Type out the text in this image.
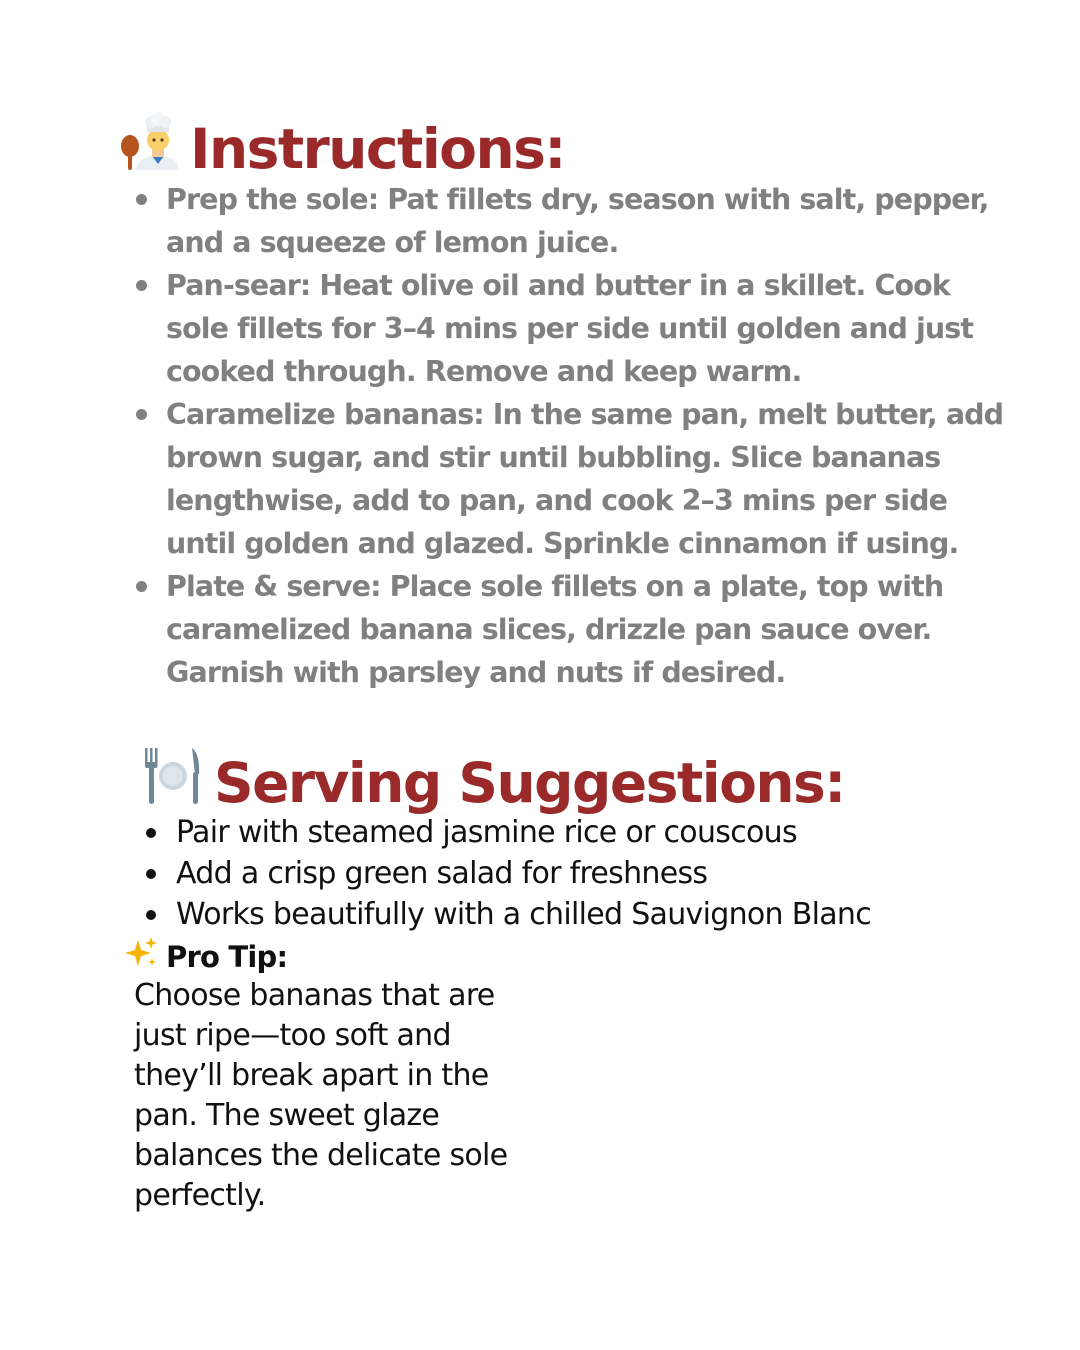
Instructions:
Prep the sole: Pat fillets dry, season with salt, pepper, and a squeeze of lemon juice.
Pan-sear: Heat olive oil and butter in a skillet. Cook sole fillets for 3–4 mins per side until golden and just cooked through. Remove and keep warm.
Caramelize bananas: In the same pan, melt butter, add brown sugar, and stir until bubbling. Slice bananas lengthwise, add to pan, and cook 2–3 mins per side until golden and glazed. Sprinkle cinnamon if using.
Plate & serve: Place sole fillets on a plate, top with caramelized banana slices, drizzle pan sauce over. Garnish with parsley and nuts if desired.
Serving Suggestions:
Pair with steamed jasmine rice or couscous
Add a crisp green salad for freshness
Works beautifully with a chilled Sauvignon Blanc
Pro Tip:
Choose bananas that are
just ripe—too soft and
they’ll break apart in the
pan. The sweet glaze
balances the delicate sole
perfectly.
